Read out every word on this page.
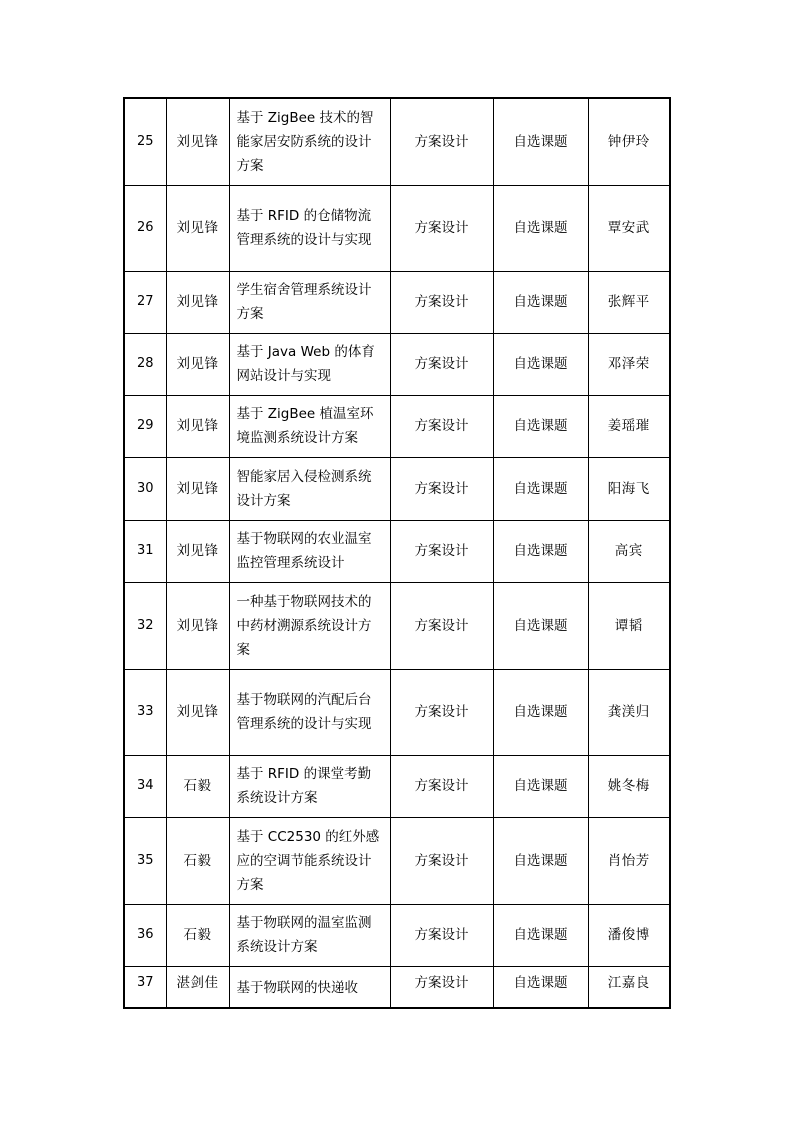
25	刘见锋	基于 ZigBee 技术的智能家居安防系统的设计方案	方案设计	自选课题	钟伊玲
26	刘见锋	基于 RFID 的仓储物流管理系统的设计与实现	方案设计	自选课题	覃安武
27	刘见锋	学生宿舍管理系统设计方案	方案设计	自选课题	张辉平
28	刘见锋	基于 Java Web 的体育网站设计与实现	方案设计	自选课题	邓泽荣
29	刘见锋	基于 ZigBee 植温室环境监测系统设计方案	方案设计	自选课题	姜瑶璀
30	刘见锋	智能家居入侵检测系统设计方案	方案设计	自选课题	阳海飞
31	刘见锋	基于物联网的农业温室监控管理系统设计	方案设计	自选课题	高宾
32	刘见锋	一种基于物联网技术的中药材溯源系统设计方案	方案设计	自选课题	谭韬
33	刘见锋	基于物联网的汽配后台管理系统的设计与实现	方案设计	自选课题	龚渼归
34	石毅	基于 RFID 的课堂考勤系统设计方案	方案设计	自选课题	姚冬梅
35	石毅	基于 CC2530 的红外感应的空调节能系统设计方案	方案设计	自选课题	肖怡芳
36	石毅	基于物联网的温室监测系统设计方案	方案设计	自选课题	潘俊博
37	湛剑佳	基于物联网的快递收	方案设计	自选课题	江嘉良
